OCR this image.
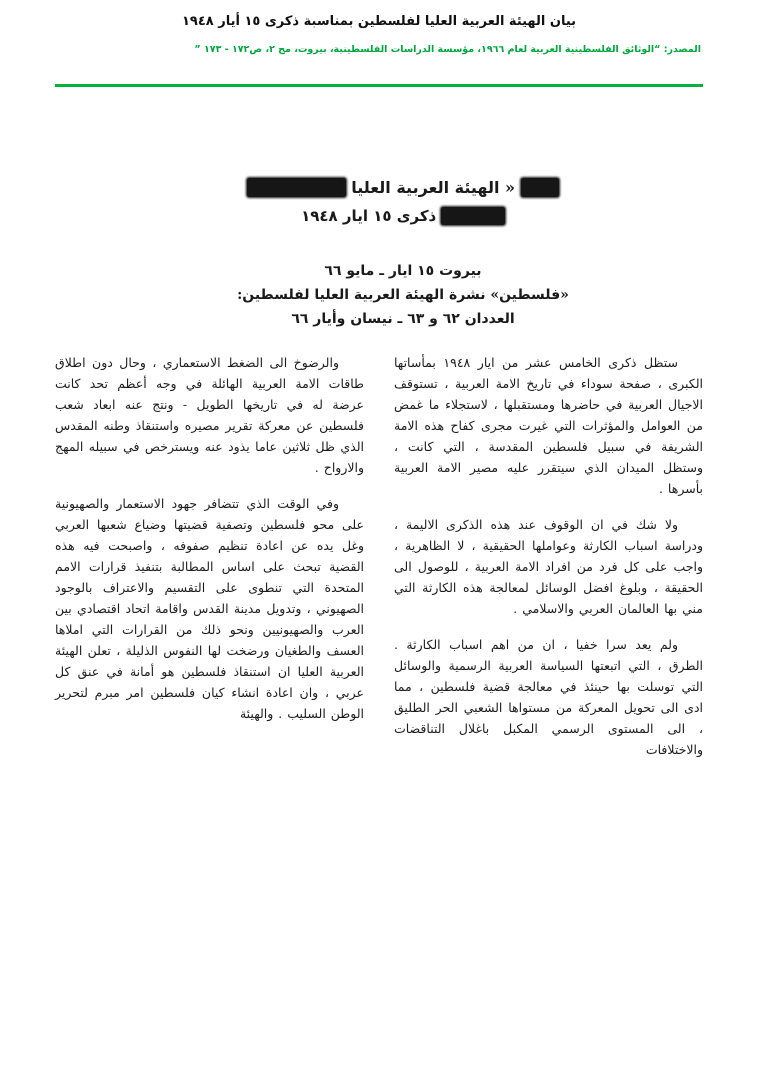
بيان الهيئة العربية العليا لفلسطين بمناسبة ذكرى ١٥ أيار ١٩٤٨
المصدر: “الوثائق الفلسطينية العربية لعام ١٩٦٦، مؤسسة الدراسات الفلسطينية، بيروت، مج ٢، ص١٧٢ - ١٧٣ ”
بيان « الهيئة العربية العليا لفلسطين »
بمناسبة ذكرى ١٥ ايار ١٩٤٨
بيروت ١٥ ايار ـ مايو ٦٦
«فلسطين» نشرة الهيئة العربية العليا لفلسطين:
العددان ٦٢ و ٦٣ ـ نيسان وأيار ٦٦

ستظل ذكرى الخامس عشر من ايار ١٩٤٨ بمأساتها الكبرى ، صفحة سوداء في تاريخ الامة العربية ، تستوقف الاجيال العربية في حاضرها ومستقبلها ، لاستجلاء ما غمض من العوامل والمؤثرات التي غيرت مجرى كفاح هذه الامة الشريفة في سبيل فلسطين المقدسة ، التي كانت ، وستظل الميدان الذي سيتقرر عليه مصير الامة العربية بأسرها .

ولا شك في ان الوقوف عند هذه الذكرى الاليمة ، ودراسة اسباب الكارثة وعواملها الحقيقية ، لا الظاهرية ، واجب على كل فرد من افراد الامة العربية ، للوصول الى الحقيقة ، وبلوغ افضل الوسائل لمعالجة هذه الكارثة التي مني بها العالمان العربي والاسلامي .

ولم يعد سرا خفيا ، ان من اهم اسباب الكارثة . الطرق ، التي اتبعتها السياسة العربية الرسمية والوسائل التي توسلت بها حينئذ في معالجة قضية فلسطين ، مما ادى الى تحويل المعركة من مستواها الشعبي الحر الطليق ، الى المستوى الرسمي المكبل باغلال التناقضات والاختلافات

والرضوخ الى الضغط الاستعماري ، وحال دون اطلاق طاقات الامة العربية الهائلة في وجه أعظم تحد كانت عرضة له في تاريخها الطويل - ونتج عنه ابعاد شعب فلسطين عن معركة تقرير مصيره واستنقاذ وطنه المقدس الذي ظل ثلاثين عاما يذود عنه ويسترخص في سبيله المهج والارواح .

وفي الوقت الذي تتضافر جهود الاستعمار والصهيونية على محو فلسطين وتصفية قضيتها وضياع شعبها العربي وغل يده عن اعادة تنظيم صفوفه ، واصبحت فيه هذه القضية تبحث على اساس المطالبة بتنفيذ قرارات الامم المتحدة التي تنطوى على التقسيم والاعتراف بالوجود الصهيوني ، وتدويل مدينة القدس واقامة اتحاد اقتصادي بين العرب والصهيونيين ونحو ذلك من القرارات التي املاها العسف والطغيان ورضخت لها النفوس الذليلة ، تعلن الهيئة العربية العليا ان استنقاذ فلسطين هو أمانة في عنق كل عربي ، وان اعادة انشاء كيان فلسطين امر مبرم لتحرير الوطن السليب . والهيئة
